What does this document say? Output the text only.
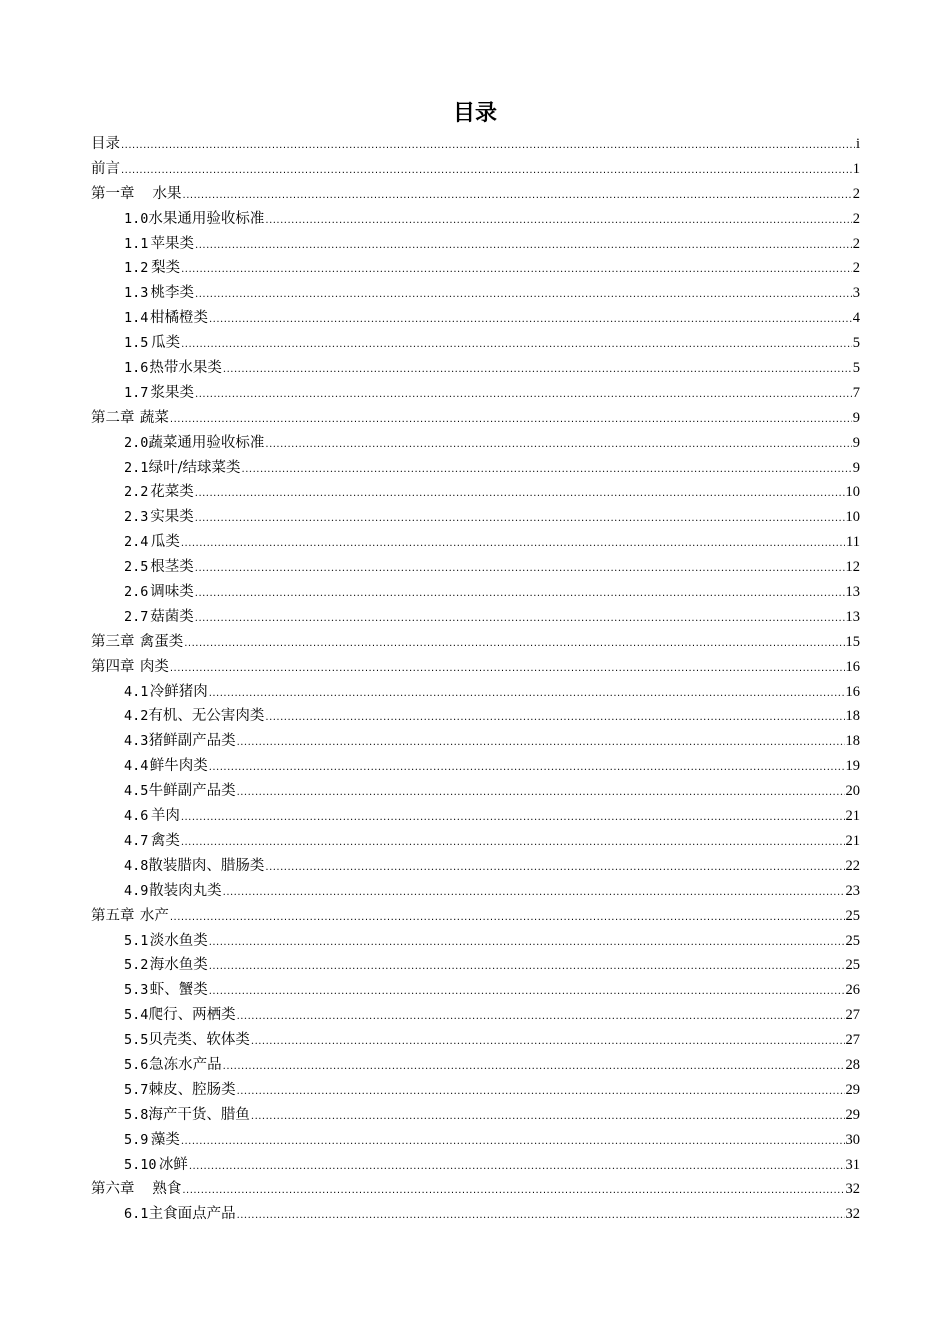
目录
目录 .....	i
前言 .....	1
第一章 水果 .....	2
1.0 水果通用验收标准 .....	2
1.1 苹果类 .....	2
1.2 梨类 .....	2
1.3 桃李类 .....	3
1.4 柑橘橙类 .....	4
1.5 瓜类 .....	5
1.6 热带水果类 .....	5
1.7 浆果类 .....	7
第二章 蔬菜 .....	9
2.0 蔬菜通用验收标准 .....	9
2.1 绿叶/结球菜类 .....	9
2.2 花菜类 .....	10
2.3 实果类 .....	10
2.4 瓜类 .....	11
2.5 根茎类 .....	12
2.6 调味类 .....	13
2.7 菇菌类 .....	13
第三章 禽蛋类 .....	15
第四章 肉类 .....	16
4.1 冷鲜猪肉 .....	16
4.2 有机、无公害肉类 .....	18
4.3 猪鲜副产品类 .....	18
4.4 鲜牛肉类 .....	19
4.5 牛鲜副产品类 .....	20
4.6 羊肉 .....	21
4.7 禽类 .....	21
4.8 散装腊肉、腊肠类 .....	22
4.9 散装肉丸类 .....	23
第五章 水产 .....	25
5.1 淡水鱼类 .....	25
5.2 海水鱼类 .....	25
5.3 虾、蟹类 .....	26
5.4 爬行、两栖类 .....	27
5.5 贝壳类、软体类 .....	27
5.6 急冻水产品 .....	28
5.7 棘皮、腔肠类 .....	29
5.8 海产干货、腊鱼 .....	29
5.9 藻类 .....	30
5.10 冰鲜 .....	31
第六章 熟食 .....	32
6.1 主食面点产品 .....	32
